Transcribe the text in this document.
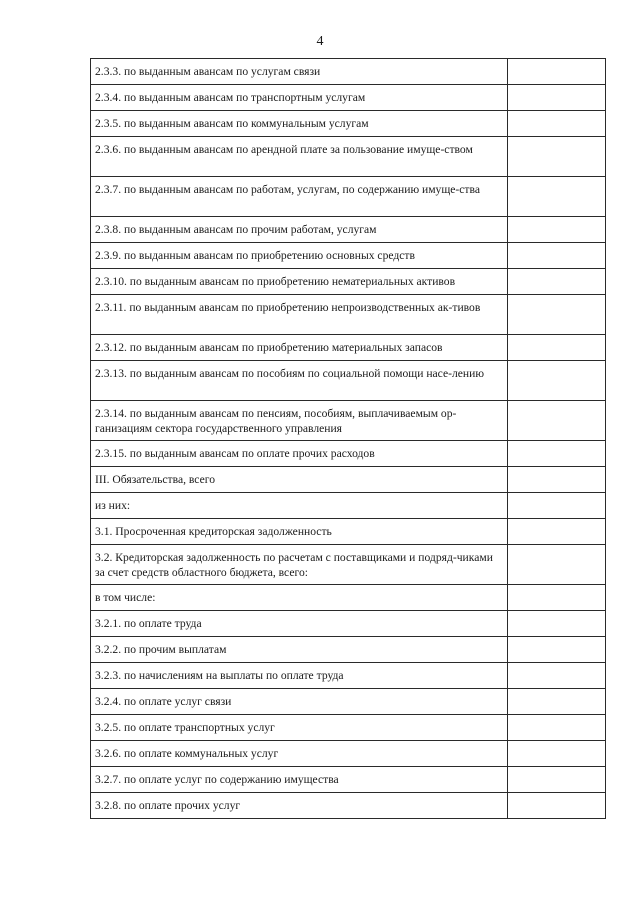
4
2.3.3. по выданным авансам по услугам связи	
2.3.4. по выданным авансам по транспортным услугам	
2.3.5. по выданным авансам по коммунальным услугам	
2.3.6. по выданным авансам по арендной плате за пользование имуще-ством	
2.3.7. по выданным авансам по работам, услугам, по содержанию имуще-ства	
2.3.8. по выданным авансам по прочим работам, услугам	
2.3.9. по выданным авансам по приобретению основных средств	
2.3.10. по выданным авансам по приобретению нематериальных активов	
2.3.11. по выданным авансам по приобретению непроизводственных ак-тивов	
2.3.12. по выданным авансам по приобретению материальных запасов	
2.3.13. по выданным авансам по пособиям по социальной помощи насе-лению	
2.3.14. по выданным авансам по пенсиям, пособиям, выплачиваемым ор-ганизациям сектора государственного управления	
2.3.15. по выданным авансам по оплате прочих расходов	
III. Обязательства, всего	
из них:	
3.1. Просроченная кредиторская задолженность	
3.2. Кредиторская задолженность по расчетам с поставщиками и подряд-чиками за счет средств областного бюджета, всего:	
в том числе:	
3.2.1. по оплате труда	
3.2.2. по прочим выплатам	
3.2.3. по начислениям на выплаты по оплате труда	
3.2.4. по оплате услуг связи	
3.2.5. по оплате транспортных услуг	
3.2.6. по оплате коммунальных услуг	
3.2.7. по оплате услуг по содержанию имущества	
3.2.8. по оплате прочих услуг	
